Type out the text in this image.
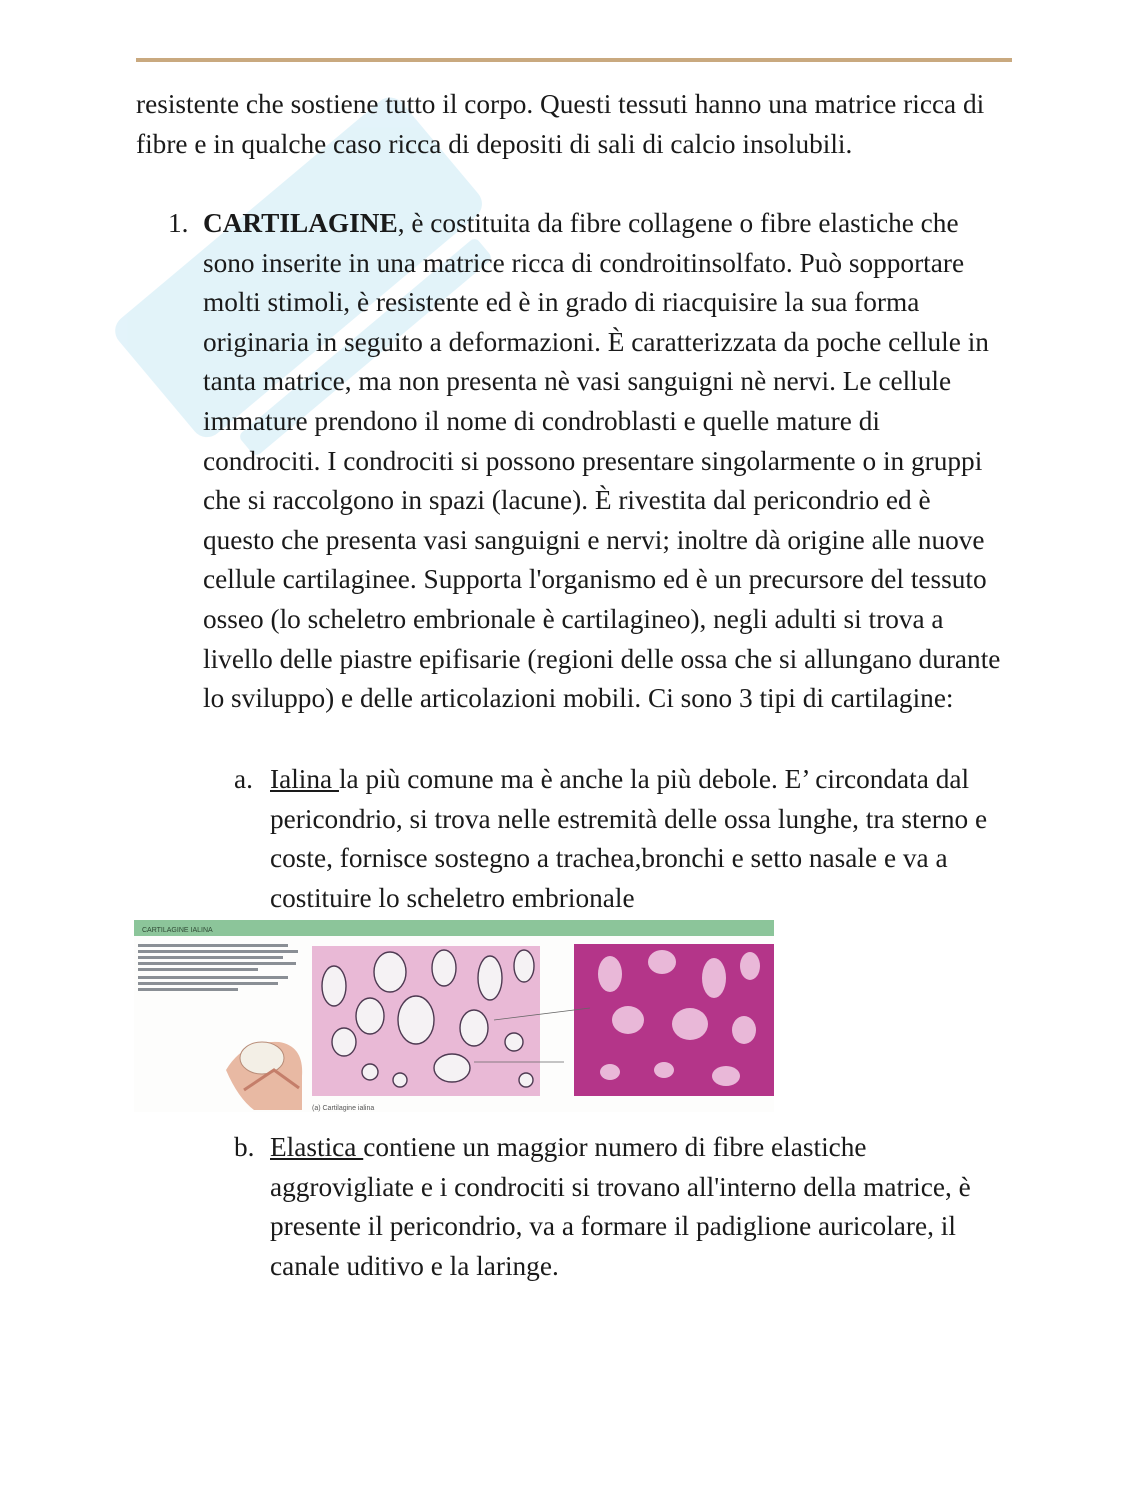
resistente che sostiene tutto il corpo. Questi tessuti hanno una matrice ricca di fibre e in qualche caso ricca di depositi di sali di calcio insolubili.
1. CARTILAGINE, è costituita da fibre collagene o fibre elastiche che sono inserite in una matrice ricca di condroitinsolfato. Può sopportare molti stimoli, è resistente ed è in grado di riacquisire la sua forma originaria in seguito a deformazioni. È caratterizzata da poche cellule in tanta matrice, ma non presenta nè vasi sanguigni nè nervi. Le cellule immature prendono il nome di condroblasti e quelle mature di condrociti. I condrociti si possono presentare singolarmente o in gruppi che si raccolgono in spazi (lacune). È rivestita dal pericondrio ed è questo che presenta vasi sanguigni e nervi; inoltre dà origine alle nuove cellule cartilaginee. Supporta l'organismo ed è un precursore del tessuto osseo (lo scheletro embrionale è cartilagineo), negli adulti si trova a livello delle piastre epifisarie (regioni delle ossa che si allungano durante lo sviluppo) e delle articolazioni mobili. Ci sono 3 tipi di cartilagine:
a. Ialina la più comune ma è anche la più debole. E’ circondata dal pericondrio, si trova nelle estremità delle ossa lunghe, tra sterno e coste, fornisce sostegno a trachea,bronchi e setto nasale e va a costituire lo scheletro embrionale
CARTILAGINE IALINA
(a) Cartilagine ialina
b. Elastica contiene un maggior numero di fibre elastiche aggrovigliate e i condrociti si trovano all'interno della matrice, è presente il pericondrio, va a formare il padiglione auricolare, il canale uditivo e la laringe.
